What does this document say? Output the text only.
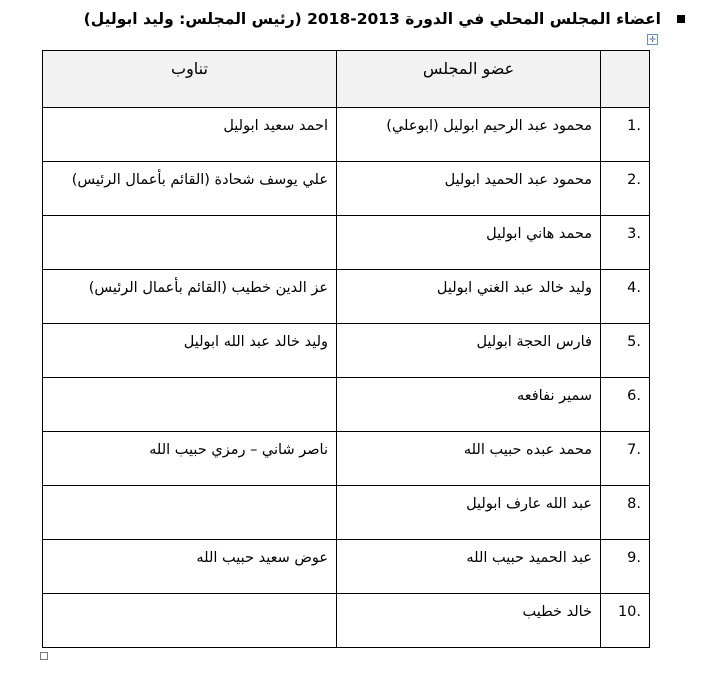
اعضاء المجلس المحلي في الدورة 2013-2018 (رئيس المجلس: وليد ابوليل)
✛

	عضو المجلس	تناوب

1.	محمود عبد الرحيم ابوليل (ابوعلي)	احمد سعيد ابوليل

2.	محمود عبد الحميد ابوليل	علي يوسف شحادة (القائم بأعمال الرئيس)

3.	محمد هاني ابوليل	

4.	وليد خالد عبد الغني ابوليل	عز الدين خطيب (القائم بأعمال الرئيس)

5.	فارس الحجة ابوليل	وليد خالد عبد الله ابوليل

6.	سمير نفافعه	

7.	محمد عبده حبيب الله	ناصر شاني – رمزي حبيب الله

8.	عبد الله عارف ابوليل	

9.	عبد الحميد حبيب الله	عوض سعيد حبيب الله

10.	خالد خطيب	
